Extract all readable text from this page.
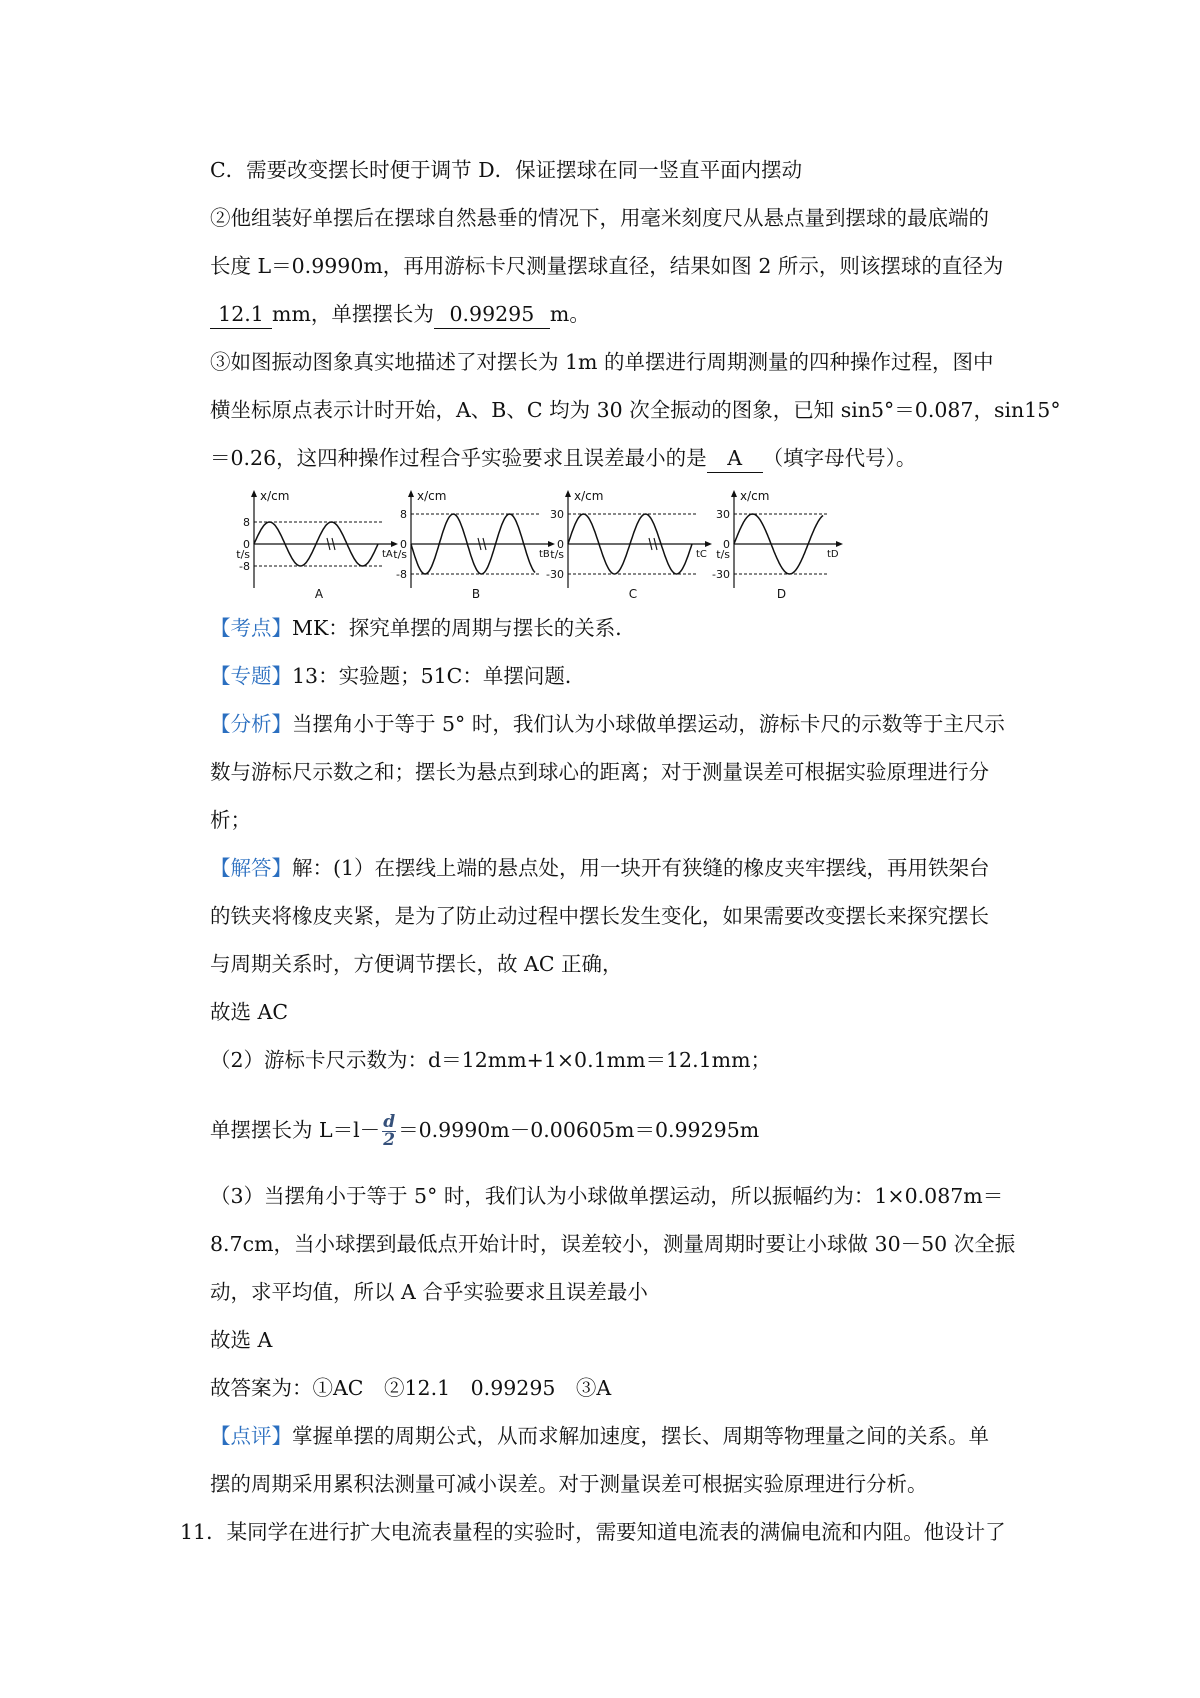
C．需要改变摆长时便于调节 D．保证摆球在同一竖直平面内摆动
②他组装好单摆后在摆球自然悬垂的情况下，用毫米刻度尺从悬点量到摆球的最底端的
长度 L＝0.9990m，再用游标卡尺测量摆球直径，结果如图 2 所示，则该摆球的直径为
12.1 mm，单摆摆长为 0.99295 m。
③如图振动图象真实地描述了对摆长为 1m 的单摆进行周期测量的四种操作过程，图中
横坐标原点表示计时开始，A、B、C 均为 30 次全振动的图象，已知 sin5°＝0.087，sin15°
＝0.26，这四种操作过程合乎实验要求且误差最小的是 A （填字母代号）。
x/cm
8
-8
0
t/s	tA
A
x/cm
8
-8
0
t/s	tB
B
x/cm
30
-30
0
t/s	tC
C
x/cm
30
-30
0
t/s	tD
D
【考点】MK：探究单摆的周期与摆长的关系．
【专题】13：实验题；51C：单摆问题．
【分析】当摆角小于等于 5° 时，我们认为小球做单摆运动，游标卡尺的示数等于主尺示
数与游标尺示数之和；摆长为悬点到球心的距离；对于测量误差可根据实验原理进行分
析；
【解答】解：(1）在摆线上端的悬点处，用一块开有狭缝的橡皮夹牢摆线，再用铁架台
的铁夹将橡皮夹紧，是为了防止动过程中摆长发生变化，如果需要改变摆长来探究摆长
与周期关系时，方便调节摆长，故 AC 正确，
故选 AC
（2）游标卡尺示数为：d＝12mm+1×0.1mm＝12.1mm；
单摆摆长为 $L=l- \frac{d}{2} =0.9990m-0.00605m=0.99295m$
（3）当摆角小于等于 5° 时，我们认为小球做单摆运动，所以振幅约为：1×0.087m＝
8.7cm，当小球摆到最低点开始计时，误差较小，测量周期时要让小球做 30－50 次全振
动，求平均值，所以 A 合乎实验要求且误差最小
故选 A
故答案为：①AC　②12.1　0.99295　③A
【点评】掌握单摆的周期公式，从而求解加速度，摆长、周期等物理量之间的关系。单
摆的周期采用累积法测量可减小误差。对于测量误差可根据实验原理进行分析。
11．某同学在进行扩大电流表量程的实验时，需要知道电流表的满偏电流和内阻。他设计了
